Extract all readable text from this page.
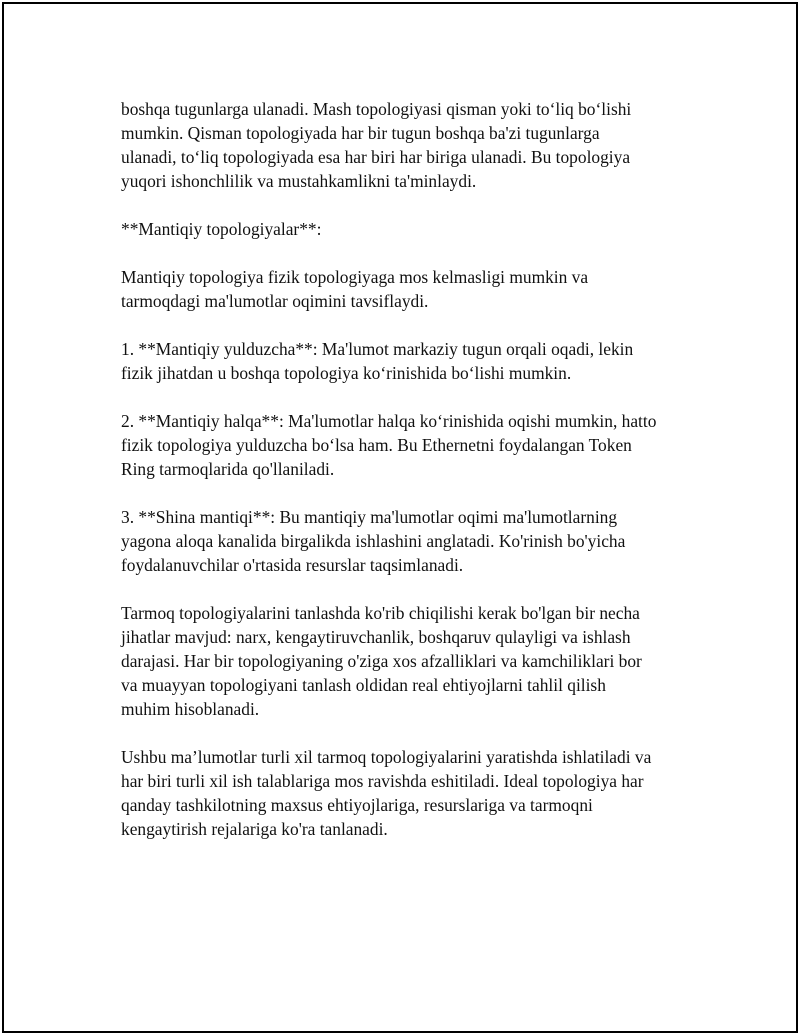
boshqa tugunlarga ulanadi. Mash topologiyasi qisman yoki to‘liq bo‘lishi
mumkin. Qisman topologiyada har bir tugun boshqa ba'zi tugunlarga
ulanadi, to‘liq topologiyada esa har biri har biriga ulanadi. Bu topologiya
yuqori ishonchlilik va mustahkamlikni ta'minlaydi.
**Mantiqiy topologiyalar**:
Mantiqiy topologiya fizik topologiyaga mos kelmasligi mumkin va
tarmoqdagi ma'lumotlar oqimini tavsiflaydi.
1. **Mantiqiy yulduzcha**: Ma'lumot markaziy tugun orqali oqadi, lekin
fizik jihatdan u boshqa topologiya ko‘rinishida bo‘lishi mumkin.
2. **Mantiqiy halqa**: Ma'lumotlar halqa ko‘rinishida oqishi mumkin, hatto
fizik topologiya yulduzcha bo‘lsa ham. Bu Ethernetni foydalangan Token
Ring tarmoqlarida qo'llaniladi.
3. **Shina mantiqi**: Bu mantiqiy ma'lumotlar oqimi ma'lumotlarning
yagona aloqa kanalida birgalikda ishlashini anglatadi. Ko'rinish bo'yicha
foydalanuvchilar o'rtasida resurslar taqsimlanadi.
Tarmoq topologiyalarini tanlashda ko'rib chiqilishi kerak bo'lgan bir necha
jihatlar mavjud: narx, kengaytiruvchanlik, boshqaruv qulayligi va ishlash
darajasi. Har bir topologiyaning o'ziga xos afzalliklari va kamchiliklari bor
va muayyan topologiyani tanlash oldidan real ehtiyojlarni tahlil qilish
muhim hisoblanadi.
Ushbu ma’lumotlar turli xil tarmoq topologiyalarini yaratishda ishlatiladi va
har biri turli xil ish talablariga mos ravishda eshitiladi. Ideal topologiya har
qanday tashkilotning maxsus ehtiyojlariga, resurslariga va tarmoqni
kengaytirish rejalariga ko'ra tanlanadi.
